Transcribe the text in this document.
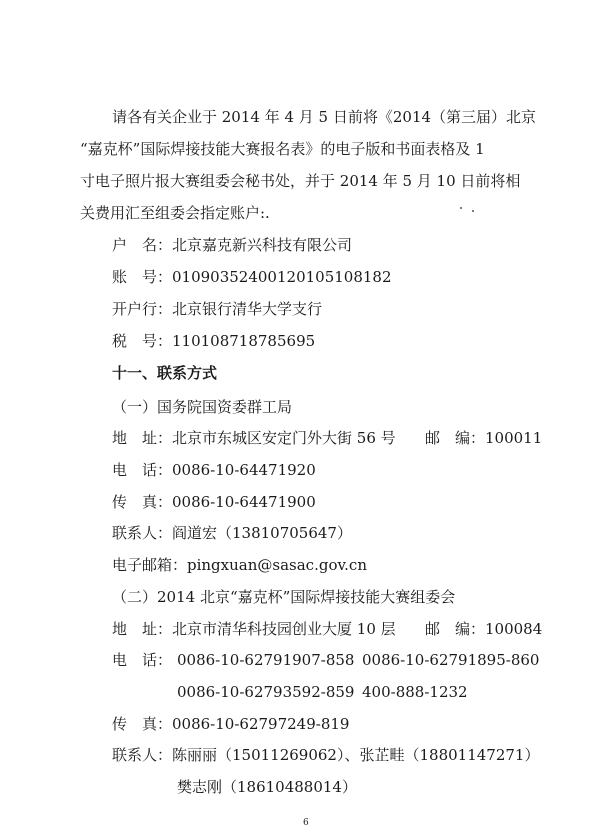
请各有关企业于 2014 年 4 月 5 日前将《2014（第三届）北京
“嘉克杯”国际焊接技能大赛报名表》的电子版和书面表格及 1
寸电子照片报大赛组委会秘书处，并于 2014 年 5 月 10 日前将相
关费用汇至组委会指定账户:.
户　名：北京嘉克新兴科技有限公司
账　号：01090352400120105108182
开户行：北京银行清华大学支行
税　号：110108718785695
十一、联系方式
（一）国务院国资委群工局
地　址：北京市东城区安定门外大街 56 号 邮　编：100011
电　话：0086-10-64471920
传　真：0086-10-64471900
联系人：阎道宏（13810705647）
电子邮箱：pingxuan@sasac.gov.cn
（二）2014 北京“嘉克杯”国际焊接技能大赛组委会
地　址：北京市清华科技园创业大厦 10 层 邮　编：100084
电　话： 0086-10-62791907-858 0086-10-62791895-860
0086-10-62793592-859 400-888-1232
传　真：0086-10-62797249-819
联系人：陈丽丽（15011269062）、张芷畦（18801147271）
樊志刚（18610488014）
6
